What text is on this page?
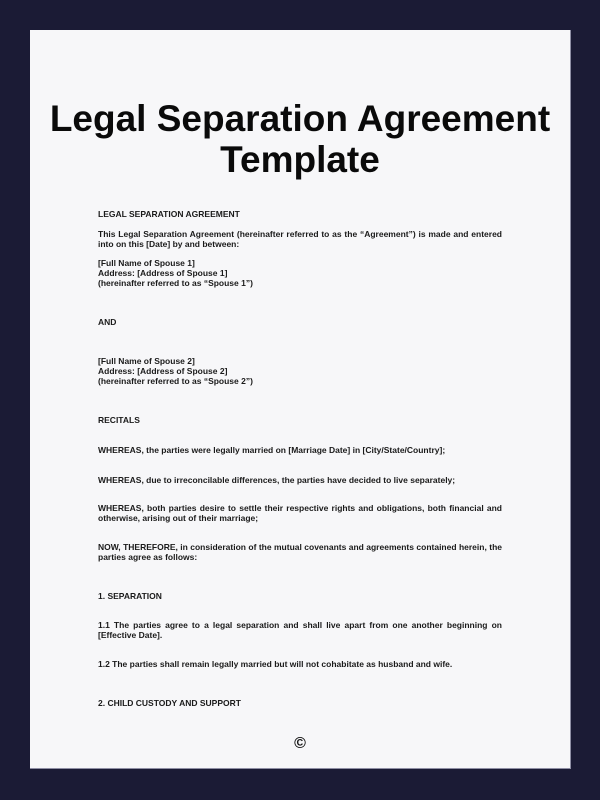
Legal Separation Agreement
Template

LEGAL SEPARATION AGREEMENT

This Legal Separation Agreement (hereinafter referred to as the “Agreement”) is made and entered into on this [Date] by and between:

[Full Name of Spouse 1]

Address: [Address of Spouse 1]

(hereinafter referred to as “Spouse 1”)

AND

[Full Name of Spouse 2]

Address: [Address of Spouse 2]

(hereinafter referred to as “Spouse 2”)

RECITALS

WHEREAS, the parties were legally married on [Marriage Date] in [City/State/Country];

WHEREAS, due to irreconcilable differences, the parties have decided to live separately;

WHEREAS, both parties desire to settle their respective rights and obligations, both financial and otherwise, arising out of their marriage;

NOW, THEREFORE, in consideration of the mutual covenants and agreements contained herein, the parties agree as follows:

1. SEPARATION

1.1 The parties agree to a legal separation and shall live apart from one another beginning on [Effective Date].

1.2 The parties shall remain legally married but will not cohabitate as husband and wife.

2. CHILD CUSTODY AND SUPPORT

©
